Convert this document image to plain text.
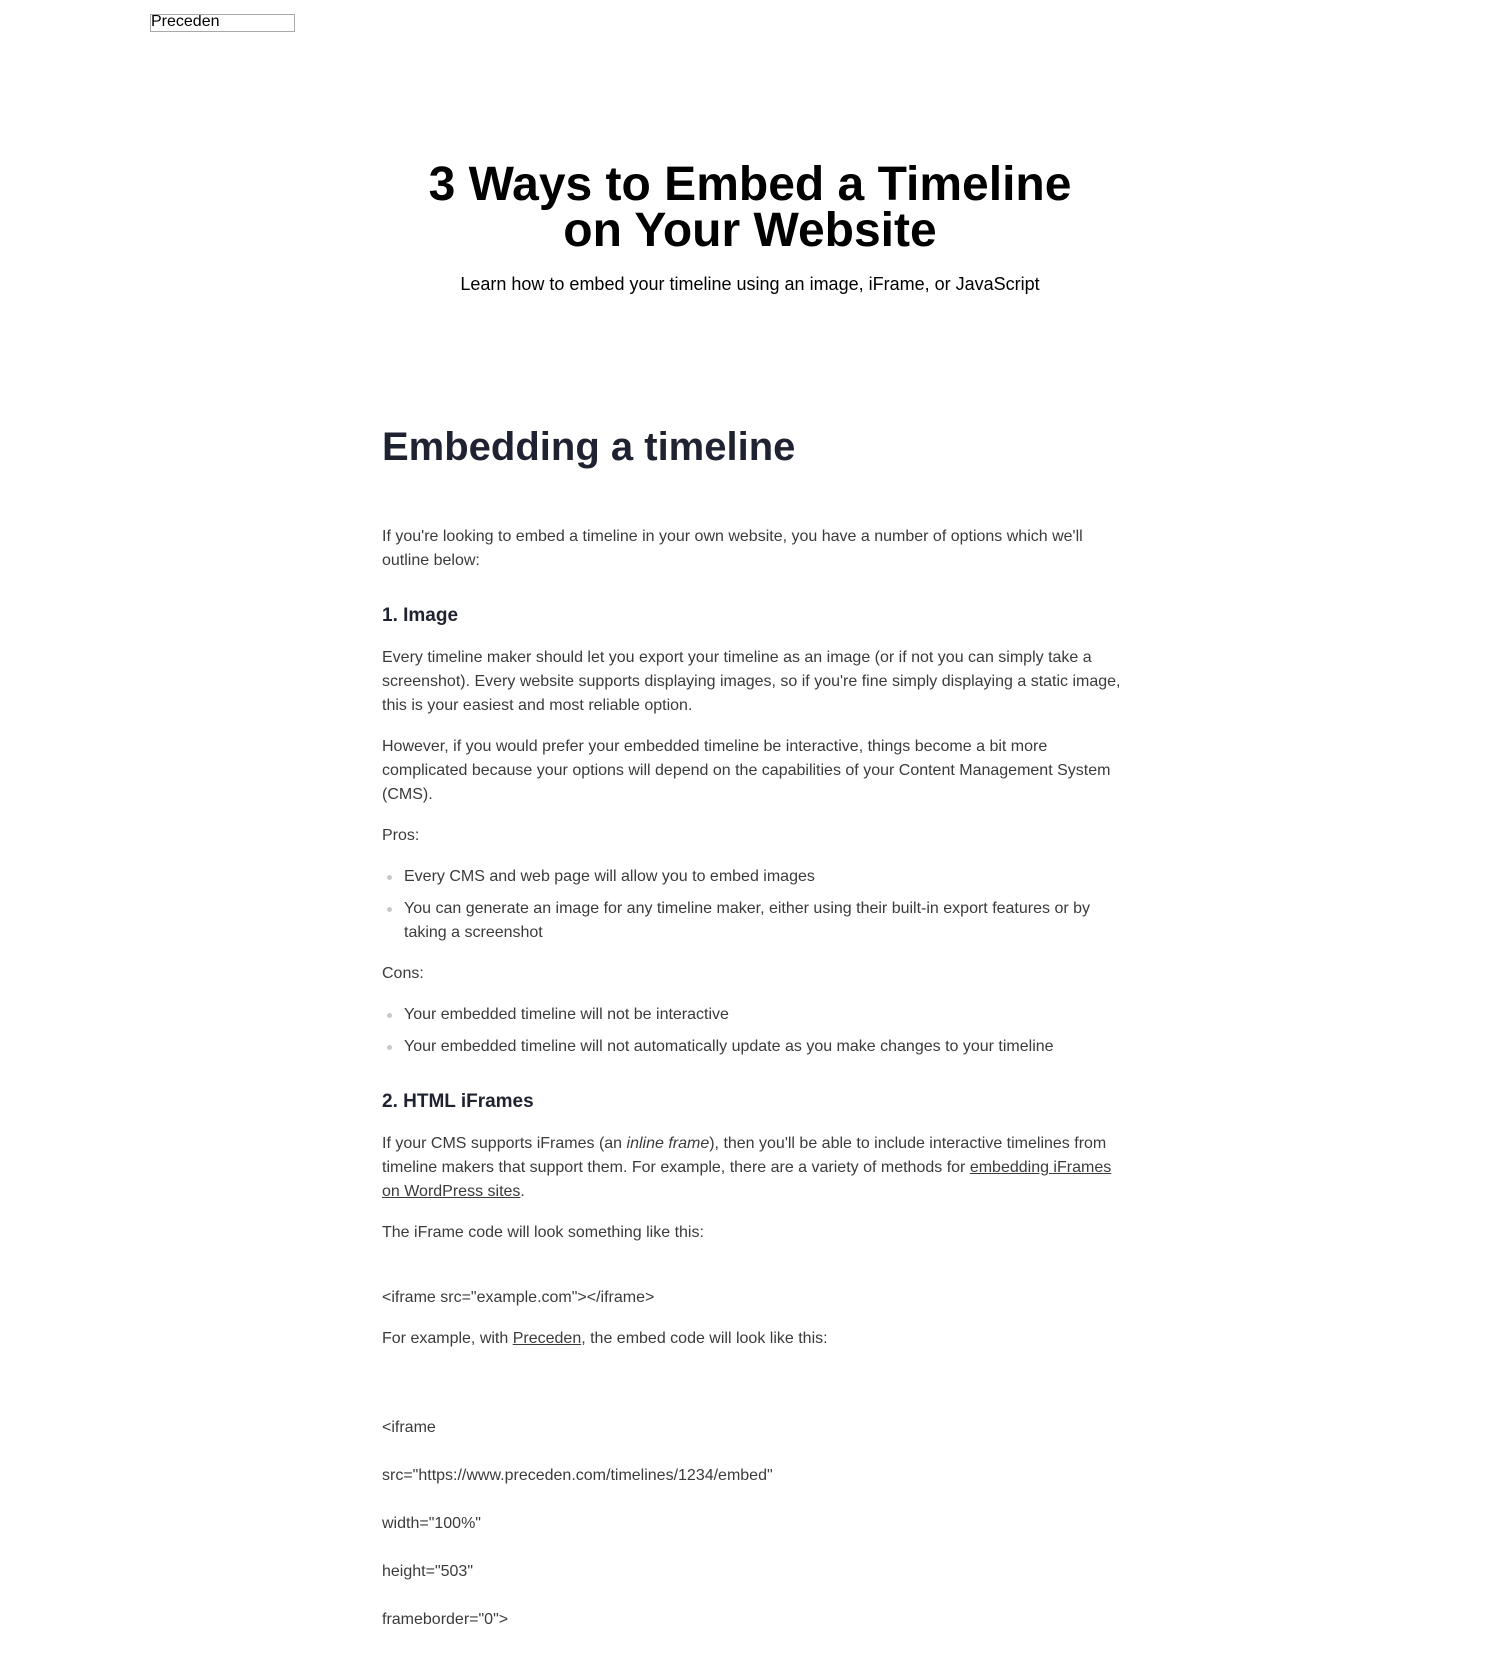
Preceden
3 Ways to Embed a Timeline on Your Website

Learn how to embed your timeline using an image, iFrame, or JavaScript

Embedding a timeline

If you're looking to embed a timeline in your own website, you have a number of options which we'll outline below:

1. Image

Every timeline maker should let you export your timeline as an image (or if not you can simply take a screenshot). Every website supports displaying images, so if you're fine simply displaying a static image, this is your easiest and most reliable option.

However, if you would prefer your embedded timeline be interactive, things become a bit more complicated because your options will depend on the capabilities of your Content Management System (CMS).

Pros:

Every CMS and web page will allow you to embed images
You can generate an image for any timeline maker, either using their built-in export features or by taking a screenshot

Cons:

Your embedded timeline will not be interactive
Your embedded timeline will not automatically update as you make changes to your timeline
2. HTML iFrames

If your CMS supports iFrames (an inline frame), then you'll be able to include interactive timelines from timeline makers that support them. For example, there are a variety of methods for embedding iFrames on WordPress sites.

The iFrame code will look something like this:

<iframe src="example.com"></iframe>

For example, with Preceden, the embed code will look like this:

<iframe

src="https://www.preceden.com/timelines/1234/embed"

width="100%"

height="503"

frameborder="0">
